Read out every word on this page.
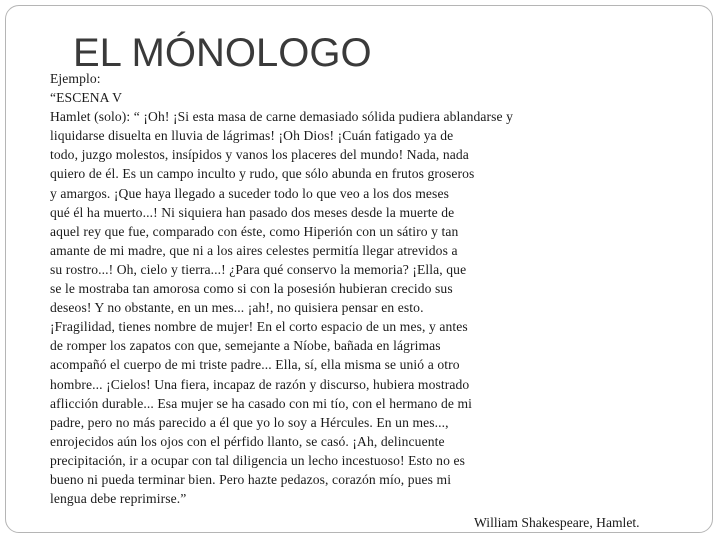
EL MÓNOLOGO
Ejemplo:
“ESCENA V
Hamlet (solo): “ ¡Oh! ¡Si esta masa de carne demasiado sólida pudiera ablandarse y
liquidarse disuelta en lluvia de lágrimas! ¡Oh Dios! ¡Cuán fatigado ya de
todo, juzgo molestos, insípidos y vanos los placeres del mundo! Nada, nada
quiero de él. Es un campo inculto y rudo, que sólo abunda en frutos groseros
y amargos. ¡Que haya llegado a suceder todo lo que veo a los dos meses
qué él ha muerto...! Ni siquiera han pasado dos meses desde la muerte de
aquel rey que fue, comparado con éste, como Hiperión con un sátiro y tan
amante de mi madre, que ni a los aires celestes permitía llegar atrevidos a
su rostro...! Oh, cielo y tierra...! ¿Para qué conservo la memoria? ¡Ella, que
se le mostraba tan amorosa como si con la posesión hubieran crecido sus
deseos! Y no obstante, en un mes... ¡ah!, no quisiera pensar en esto.
¡Fragilidad, tienes nombre de mujer! En el corto espacio de un mes, y antes
de romper los zapatos con que, semejante a Níobe, bañada en lágrimas
acompañó el cuerpo de mi triste padre... Ella, sí, ella misma se unió a otro
hombre... ¡Cielos! Una fiera, incapaz de razón y discurso, hubiera mostrado
aflicción durable... Esa mujer se ha casado con mi tío, con el hermano de mi
padre, pero no más parecido a él que yo lo soy a Hércules. En un mes...,
enrojecidos aún los ojos con el pérfido llanto, se casó. ¡Ah, delincuente
precipitación, ir a ocupar con tal diligencia un lecho incestuoso! Esto no es
bueno ni pueda terminar bien. Pero hazte pedazos, corazón mío, pues mi
lengua debe reprimirse.”
William Shakespeare, Hamlet.
